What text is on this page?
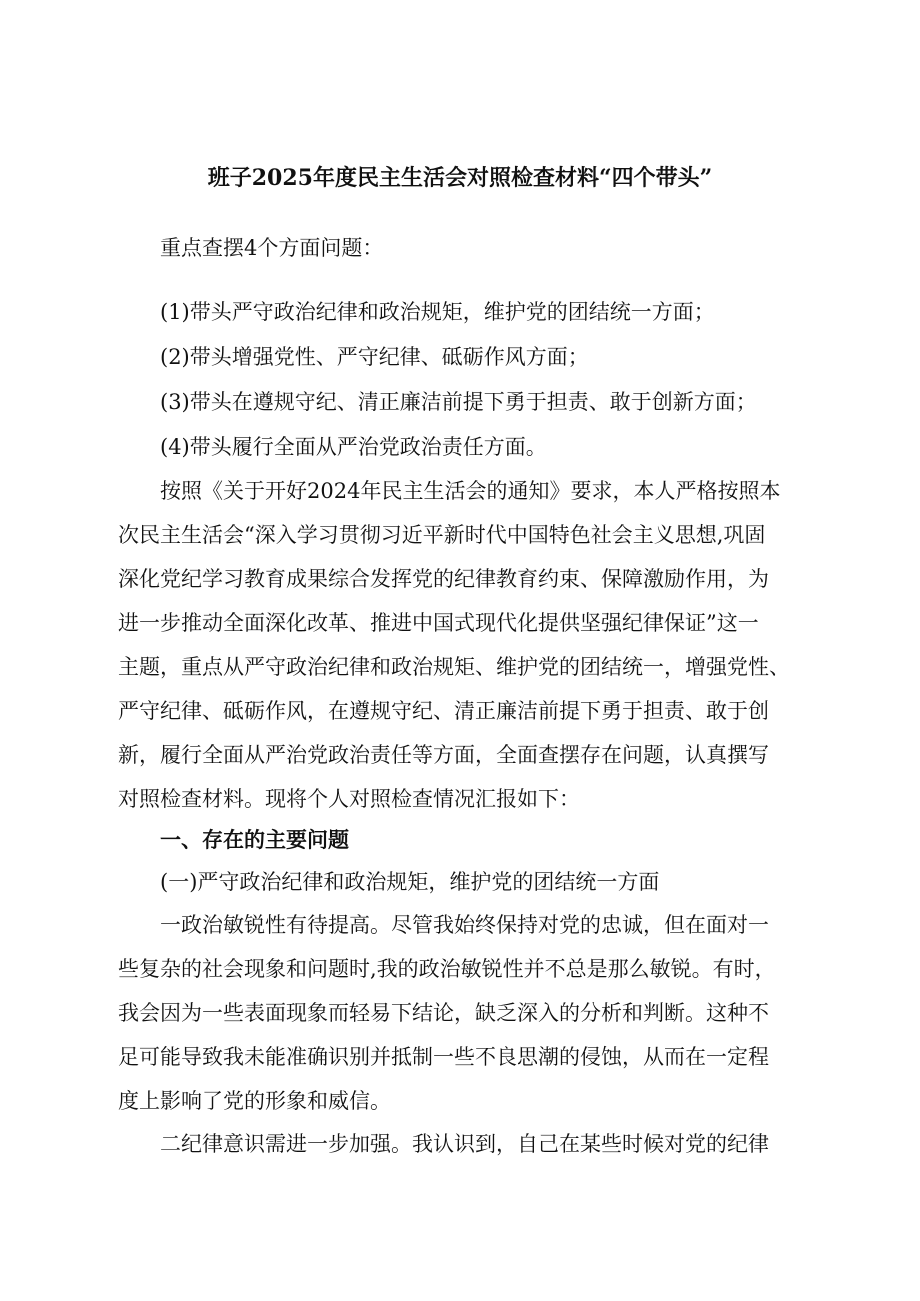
班子2025年度民主生活会对照检查材料“四个带头”
重点查摆4个方面问题：
(1)带头严守政治纪律和政治规矩，维护党的团结统一方面；
(2)带头增强党性、严守纪律、砥砺作风方面；
(3)带头在遵规守纪、清正廉洁前提下勇于担责、敢于创新方面；
(4)带头履行全面从严治党政治责任方面。
按照《关于开好2024年民主生活会的通知》要求，本人严格按照本
次民主生活会“深入学习贯彻习近平新时代中国特色社会主义思想,巩固
深化党纪学习教育成果综合发挥党的纪律教育约束、保障激励作用，为
进一步推动全面深化改革、推进中国式现代化提供坚强纪律保证”这一
主题，重点从严守政治纪律和政治规矩、维护党的团结统一，增强党性、
严守纪律、砥砺作风，在遵规守纪、清正廉洁前提下勇于担责、敢于创
新，履行全面从严治党政治责任等方面，全面查摆存在问题，认真撰写
对照检查材料。现将个人对照检查情况汇报如下：
一、存在的主要问题
(一)严守政治纪律和政治规矩，维护党的团结统一方面
一政治敏锐性有待提高。尽管我始终保持对党的忠诚，但在面对一
些复杂的社会现象和问题时,我的政治敏锐性并不总是那么敏锐。有时，
我会因为一些表面现象而轻易下结论，缺乏深入的分析和判断。这种不
足可能导致我未能准确识别并抵制一些不良思潮的侵蚀，从而在一定程
度上影响了党的形象和威信。
二纪律意识需进一步加强。我认识到，自己在某些时候对党的纪律
